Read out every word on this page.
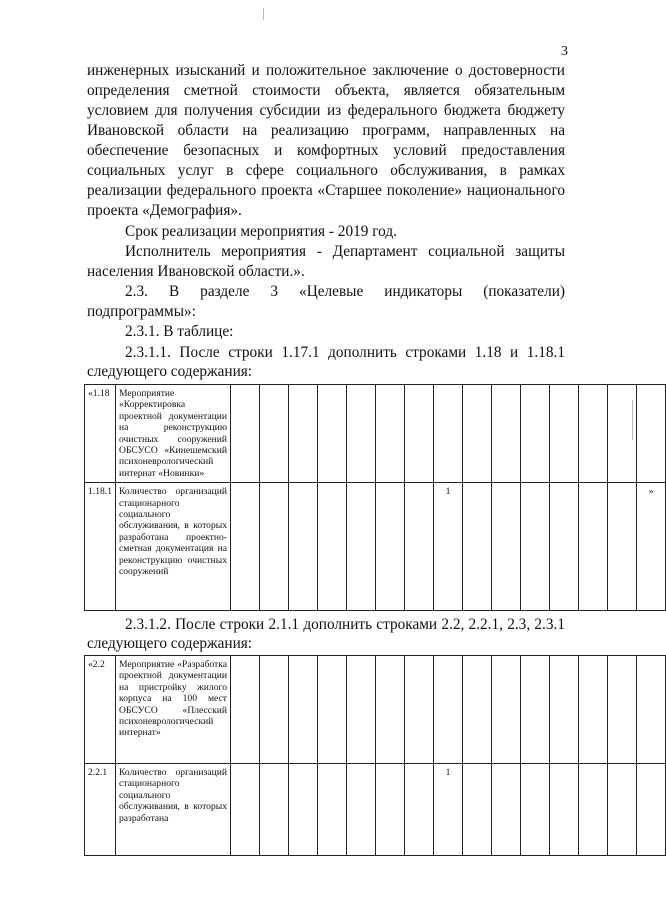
3

инженерных изысканий и положительное заключение о достоверности

определения сметной стоимости объекта, является обязательным

условием для получения субсидии из федерального бюджета бюджету

Ивановской области на реализацию программ, направленных на

обеспечение безопасных и комфортных условий предоставления

социальных услуг в сфере социального обслуживания, в рамках

реализации федерального проекта «Старшее поколение» национального

проекта «Демография».

Срок реализации мероприятия - 2019 год.

Исполнитель мероприятия - Департамент социальной защиты

населения Ивановской области.».

2.3. В разделе 3 «Целевые индикаторы (показатели)

подпрограммы»:

2.3.1. В таблице:

2.3.1.1. После строки 1.17.1 дополнить строками 1.18 и 1.18.1

следующего содержания:

«1.18	Мероприятие «Корректировка проектной документации на реконструкцию очистных сооружений ОБСУСО «Кинешемский психоневрологический интернат «Новинки»															
1.18.1	Количество организаций стационарного социального обслуживания, в которых разработана проектно-сметная документация на реконструкцию очистных сооружений								1							»

2.3.1.2. После строки 2.1.1 дополнить строками 2.2, 2.2.1, 2.3, 2.3.1

следующего содержания:

«2.2	Мероприятие «Разработка проектной документации на пристройку жилого корпуса на 100 мест ОБСУСО «Плесский психоневрологический интернат»															
2.2.1	Количество организаций стационарного социального обслуживания, в которых разработана								1							
